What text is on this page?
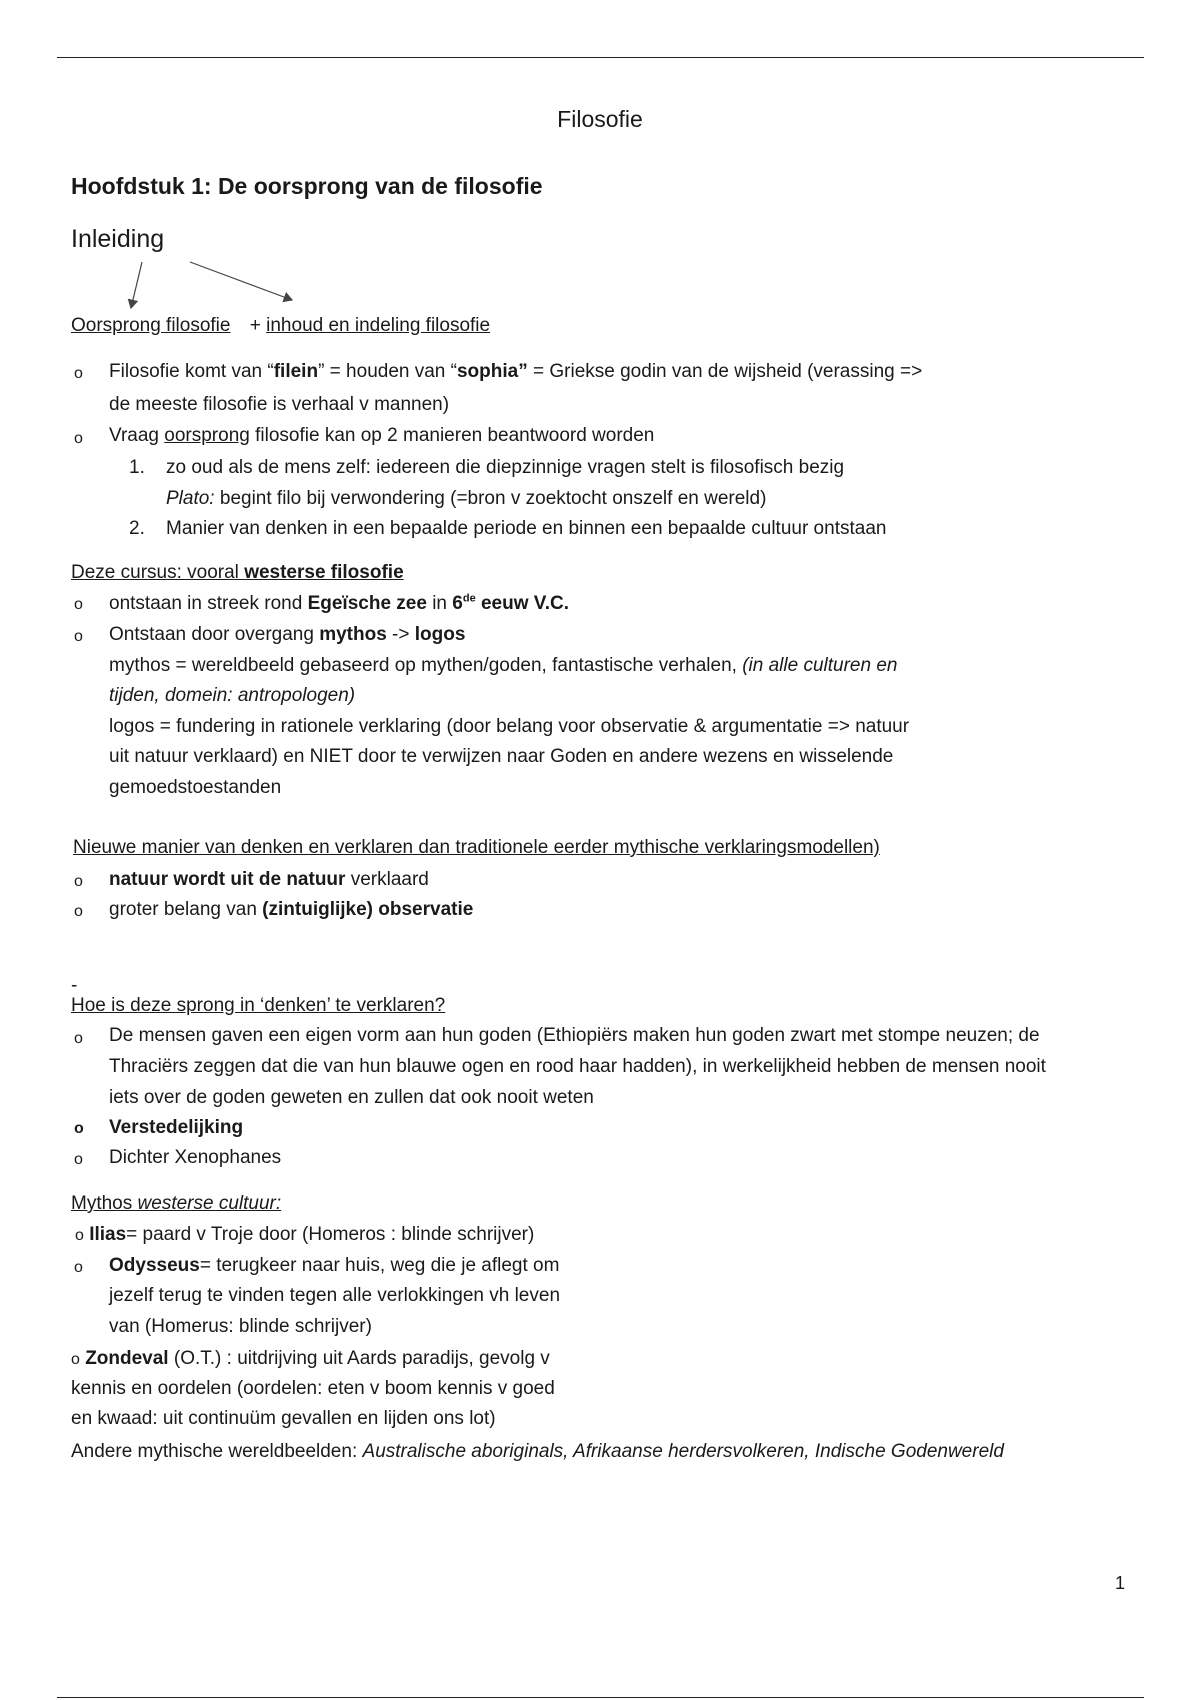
Filosofie
Hoofdstuk 1: De oorsprong van de filosofie
Inleiding
Oorsprong filosofie + inhoud en indeling filosofie
o Filosofie komt van “filein” = houden van “sophia” = Griekse godin van de wijsheid (verassing =>
de meeste filosofie is verhaal v mannen)
o Vraag oorsprong filosofie kan op 2 manieren beantwoord worden
1. zo oud als de mens zelf: iedereen die diepzinnige vragen stelt is filosofisch bezig
Plato: begint filo bij verwondering (=bron v zoektocht onszelf en wereld)
2. Manier van denken in een bepaalde periode en binnen een bepaalde cultuur ontstaan
Deze cursus: vooral westerse filosofie
o ontstaan in streek rond Egeïsche zee in 6de eeuw V.C.
o Ontstaan door overgang mythos -> logos
mythos = wereldbeeld gebaseerd op mythen/goden, fantastische verhalen, (in alle culturen en
tijden, domein: antropologen)
logos = fundering in rationele verklaring (door belang voor observatie & argumentatie => natuur
uit natuur verklaard) en NIET door te verwijzen naar Goden en andere wezens en wisselende
gemoedstoestanden
Nieuwe manier van denken en verklaren dan traditionele eerder mythische verklaringsmodellen)
o natuur wordt uit de natuur verklaard
o groter belang van (zintuiglijke) observatie
-
Hoe is deze sprong in ‘denken’ te verklaren?
o De mensen gaven een eigen vorm aan hun goden (Ethiopiërs maken hun goden zwart met stompe neuzen; de
Thraciërs zeggen dat die van hun blauwe ogen en rood haar hadden), in werkelijkheid hebben de mensen nooit
iets over de goden geweten en zullen dat ook nooit weten
o Verstedelijking
o Dichter Xenophanes
Mythos westerse cultuur:
o Ilias= paard v Troje door (Homeros : blinde schrijver)
o Odysseus= terugkeer naar huis, weg die je aflegt om
jezelf terug te vinden tegen alle verlokkingen vh leven
van (Homerus: blinde schrijver)
o Zondeval (O.T.) : uitdrijving uit Aards paradijs, gevolg v
kennis en oordelen (oordelen: eten v boom kennis v goed
en kwaad: uit continuüm gevallen en lijden ons lot)
Andere mythische wereldbeelden: Australische aboriginals, Afrikaanse herdersvolkeren, Indische Godenwereld
1
